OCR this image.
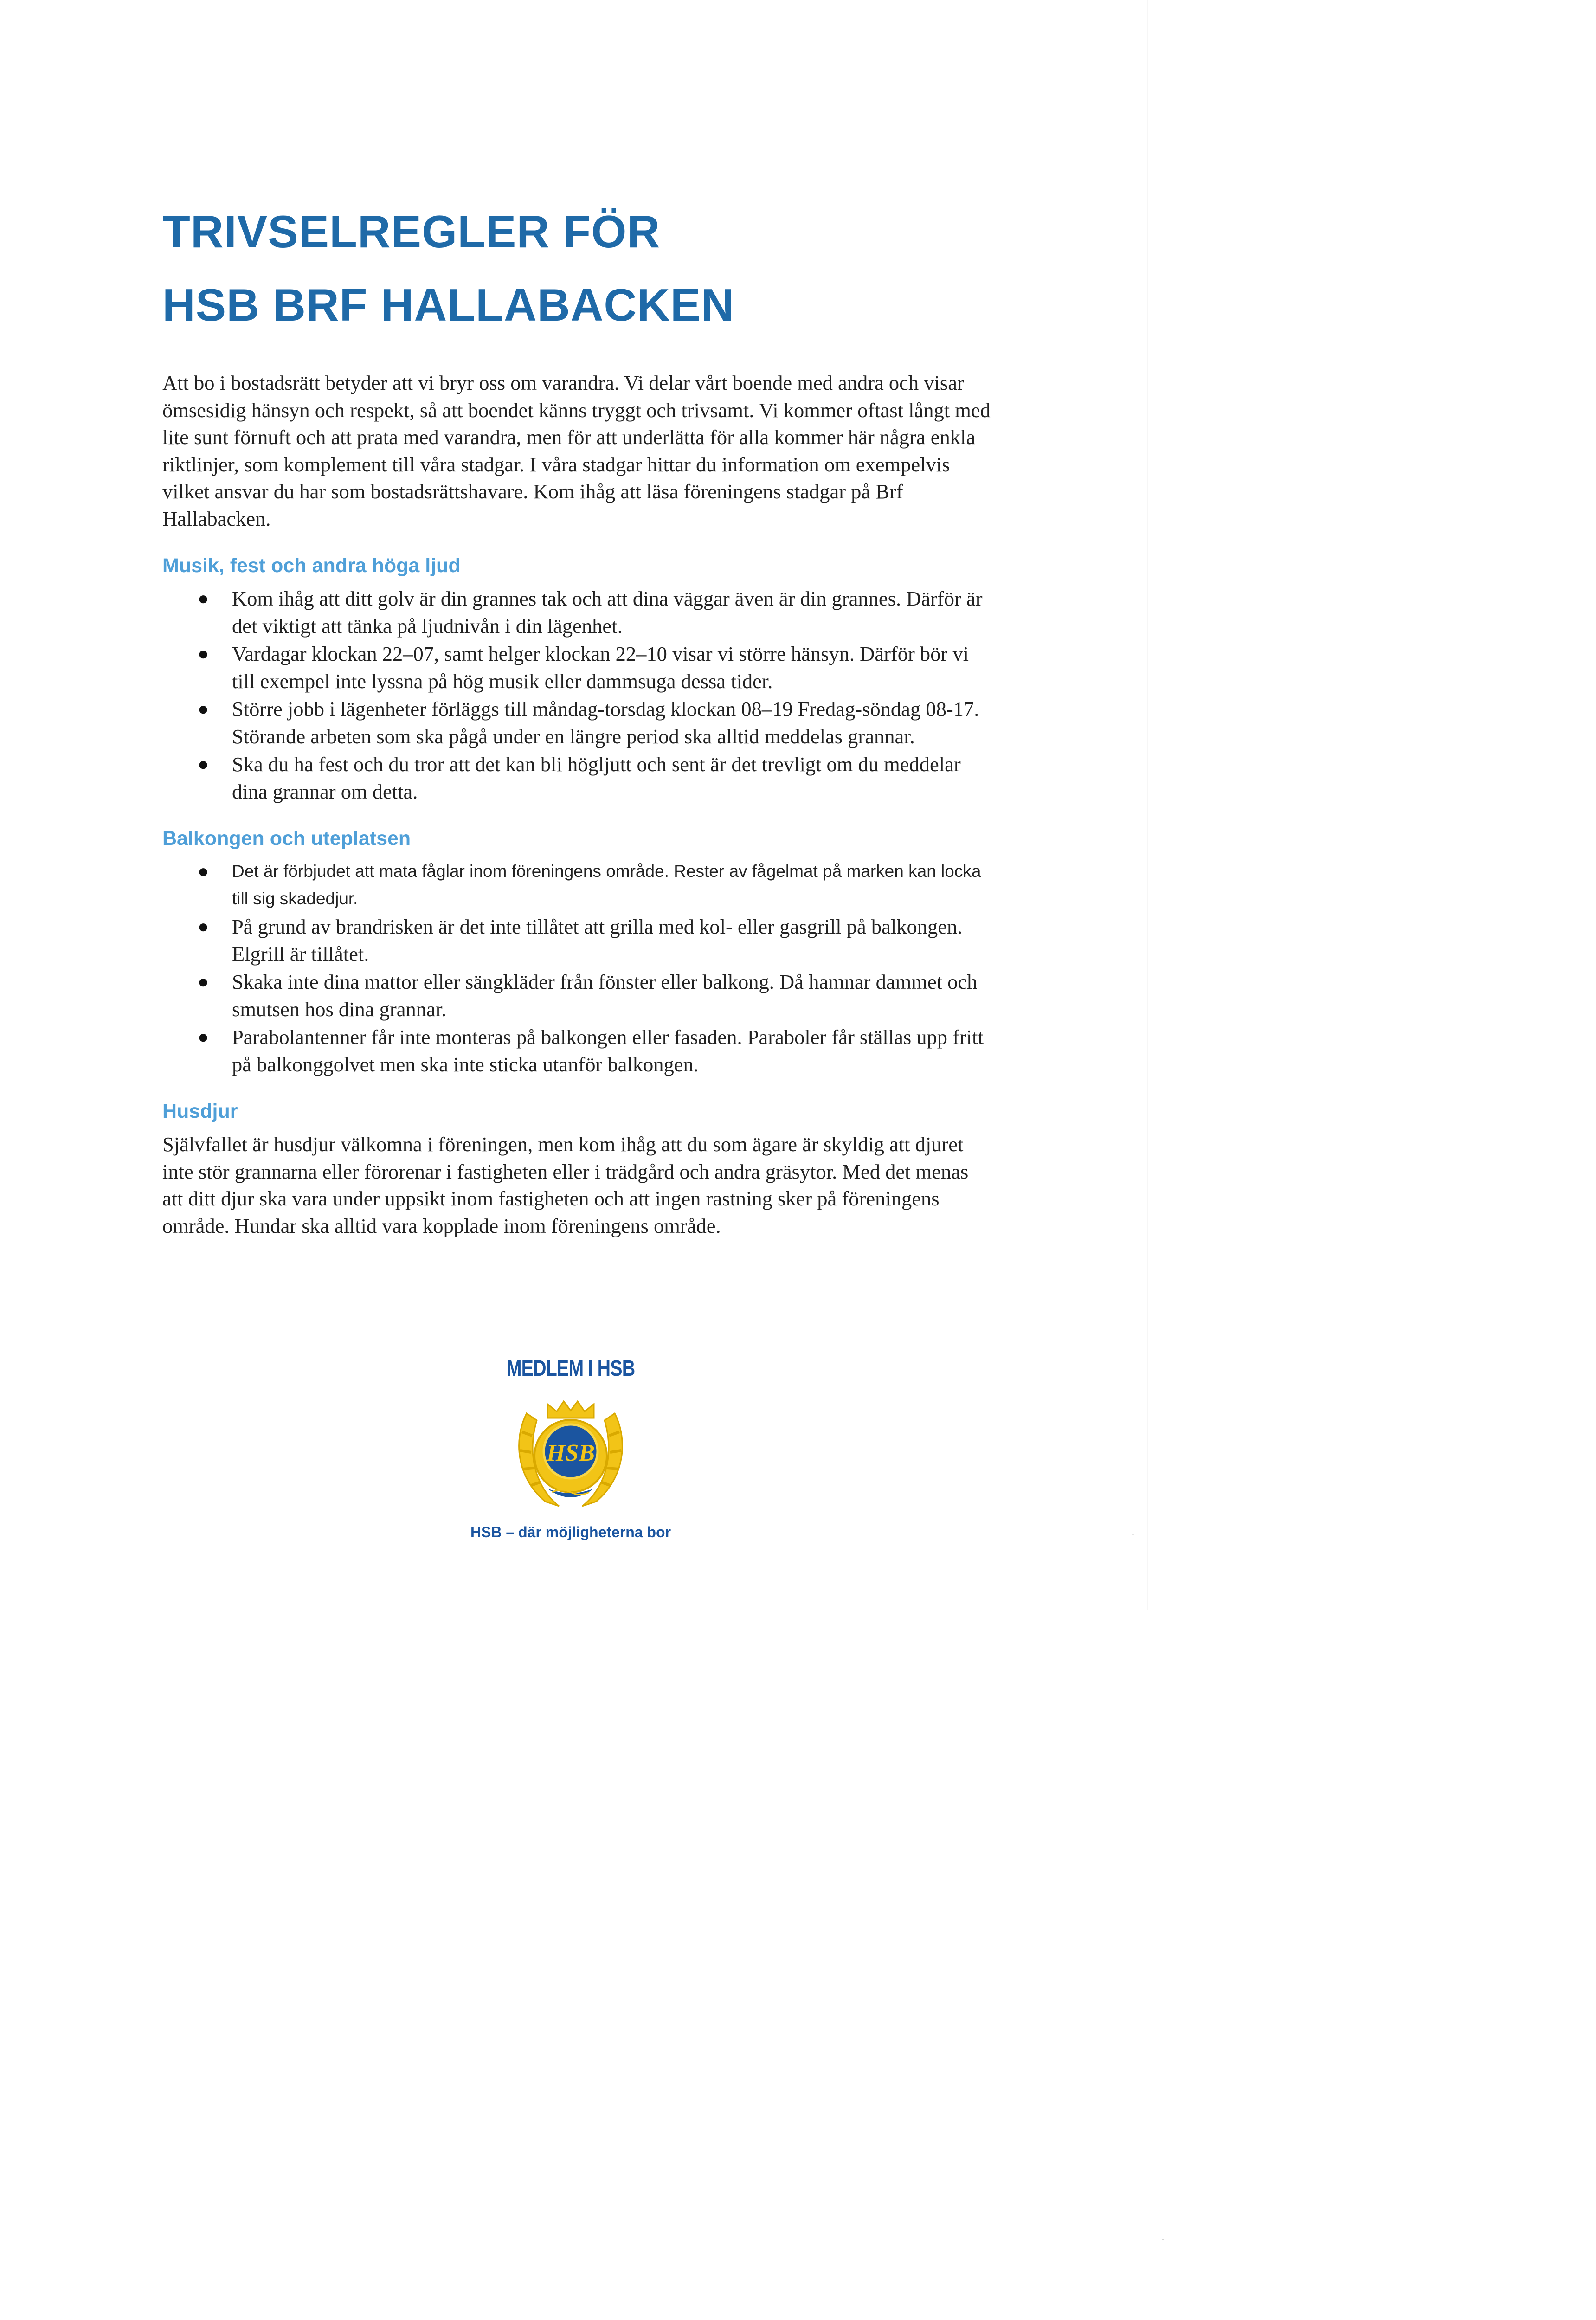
TRIVSELREGLER FÖR
HSB BRF HALLABACKEN

Att bo i bostadsrätt betyder att vi bryr oss om varandra. Vi delar vårt boende med andra och visar ömsesidig hänsyn och respekt, så att boendet känns tryggt och trivsamt. Vi kommer oftast långt med lite sunt förnuft och att prata med varandra, men för att underlätta för alla kommer här några enkla riktlinjer, som komplement till våra stadgar. I våra stadgar hittar du information om exempelvis vilket ansvar du har som bostadsrättshavare. Kom ihåg att läsa föreningens stadgar på Brf Hallabacken.

Musik, fest och andra höga ljud
● Kom ihåg att ditt golv är din grannes tak och att dina väggar även är din grannes. Därför är det viktigt att tänka på ljudnivån i din lägenhet.
● Vardagar klockan 22–07, samt helger klockan 22–10 visar vi större hänsyn. Därför bör vi till exempel inte lyssna på hög musik eller dammsuga dessa tider.
● Större jobb i lägenheter förläggs till måndag-torsdag klockan 08–19 Fredag-söndag 08-17. Störande arbeten som ska pågå under en längre period ska alltid meddelas grannar.
● Ska du ha fest och du tror att det kan bli högljutt och sent är det trevligt om du meddelar dina grannar om detta.
Balkongen och uteplatsen
● Det är förbjudet att mata fåglar inom föreningens område. Rester av fågelmat på marken kan locka till sig skadedjur.
● På grund av brandrisken är det inte tillåtet att grilla med kol- eller gasgrill på balkongen. Elgrill är tillåtet.
● Skaka inte dina mattor eller sängkläder från fönster eller balkong. Då hamnar dammet och smutsen hos dina grannar.
● Parabolantenner får inte monteras på balkongen eller fasaden. Paraboler får ställas upp fritt på balkonggolvet men ska inte sticka utanför balkongen.
Husdjur

Självfallet är husdjur välkomna i föreningen, men kom ihåg att du som ägare är skyldig att djuret inte stör grannarna eller förorenar i fastigheten eller i trädgård och andra gräsytor. Med det menas att ditt djur ska vara under uppsikt inom fastigheten och att ingen rastning sker på föreningens område. Hundar ska alltid vara kopplade inom föreningens område.

MEDLEM I HSB
HSB
HSB – där möjligheterna bor
